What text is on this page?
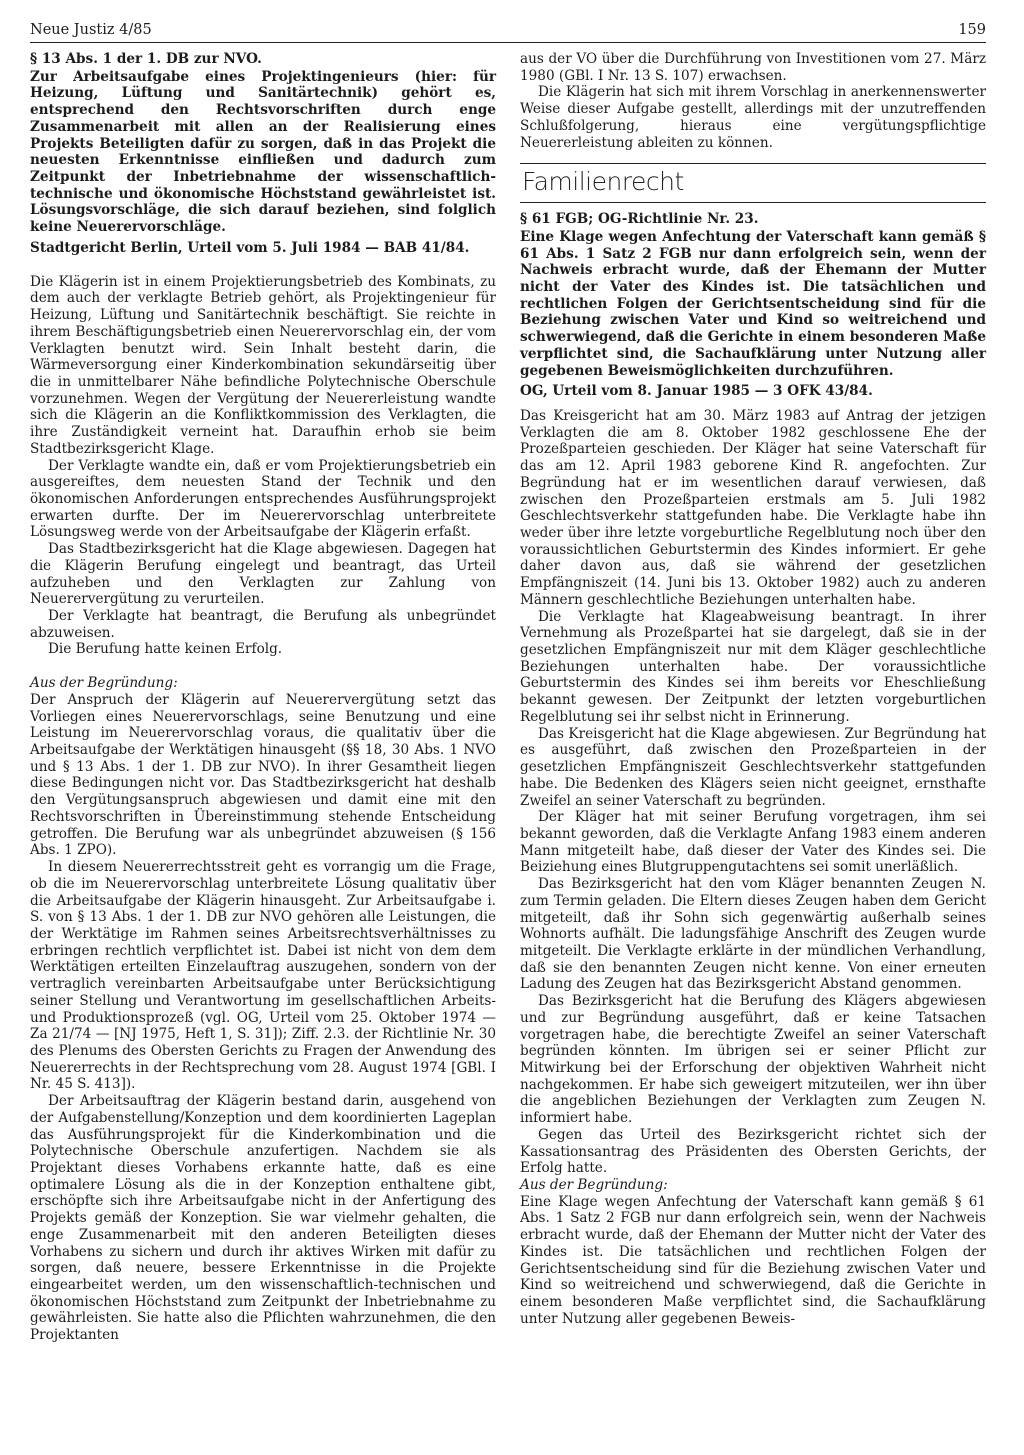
Neue Justiz 4/85	159

§ 13 Abs. 1 der 1. DB zur NVO.

Zur Arbeitsaufgabe eines Projektingenieurs (hier: für Heizung, Lüftung und Sanitärtechnik) gehört es, entsprechend den Rechtsvorschriften durch enge Zusammenarbeit mit allen an der Realisierung eines Projekts Beteiligten dafür zu sorgen, daß in das Projekt die neuesten Erkenntnisse einfließen und dadurch zum Zeitpunkt der Inbetriebnahme der wissenschaftlich-technische und ökonomische Höchststand gewährleistet ist. Lösungsvorschläge, die sich darauf beziehen, sind folglich keine Neuerervorschläge.

Stadtgericht Berlin, Urteil vom 5. Juli 1984 — BAB 41/84.

Die Klägerin ist in einem Projektierungsbetrieb des Kombinats, zu dem auch der verklagte Betrieb gehört, als Projektingenieur für Heizung, Lüftung und Sanitärtechnik beschäftigt. Sie reichte in ihrem Beschäftigungsbetrieb einen Neuerervorschlag ein, der vom Verklagten benutzt wird. Sein Inhalt besteht darin, die Wärmeversorgung einer Kinderkombination sekundärseitig über die in unmittelbarer Nähe befindliche Polytechnische Oberschule vorzunehmen. Wegen der Vergütung der Neuererleistung wandte sich die Klägerin an die Konfliktkommission des Verklagten, die ihre Zuständigkeit verneint hat. Daraufhin erhob sie beim Stadtbezirksgericht Klage.

Der Verklagte wandte ein, daß er vom Projektierungsbetrieb ein ausgereiftes, dem neuesten Stand der Technik und den ökonomischen Anforderungen entsprechendes Ausführungsprojekt erwarten durfte. Der im Neuerervorschlag unterbreitete Lösungsweg werde von der Arbeitsaufgabe der Klägerin erfaßt.

Das Stadtbezirksgericht hat die Klage abgewiesen. Dagegen hat die Klägerin Berufung eingelegt und beantragt, das Urteil aufzuheben und den Verklagten zur Zahlung von Neuerervergütung zu verurteilen.

Der Verklagte hat beantragt, die Berufung als unbegründet abzuweisen.

Die Berufung hatte keinen Erfolg.

Aus der Begründung:

Der Anspruch der Klägerin auf Neuerervergütung setzt das Vorliegen eines Neuerervorschlags, seine Benutzung und eine Leistung im Neuerervorschlag voraus, die qualitativ über die Arbeitsaufgabe der Werktätigen hinausgeht (§§ 18, 30 Abs. 1 NVO und § 13 Abs. 1 der 1. DB zur NVO). In ihrer Gesamtheit liegen diese Bedingungen nicht vor. Das Stadtbezirksgericht hat deshalb den Vergütungsanspruch abgewiesen und damit eine mit den Rechtsvorschriften in Übereinstimmung stehende Entscheidung getroffen. Die Berufung war als unbegründet abzuweisen (§ 156 Abs. 1 ZPO).

In diesem Neuererrechtsstreit geht es vorrangig um die Frage, ob die im Neuerervorschlag unterbreitete Lösung qualitativ über die Arbeitsaufgabe der Klägerin hinausgeht. Zur Arbeitsaufgabe i. S. von § 13 Abs. 1 der 1. DB zur NVO gehören alle Leistungen, die der Werktätige im Rahmen seines Arbeitsrechtsverhältnisses zu erbringen rechtlich verpflichtet ist. Dabei ist nicht von dem dem Werktätigen erteilten Einzelauftrag auszugehen, sondern von der vertraglich vereinbarten Arbeitsaufgabe unter Berücksichtigung seiner Stellung und Verantwortung im gesellschaftlichen Arbeits- und Produktionsprozeß (vgl. OG, Urteil vom 25. Oktober 1974 — Za 21/74 — [NJ 1975, Heft 1, S. 31]); Ziff. 2.3. der Richtlinie Nr. 30 des Plenums des Obersten Gerichts zu Fragen der Anwendung des Neuererrechts in der Rechtsprechung vom 28. August 1974 [GBl. I Nr. 45 S. 413]).

Der Arbeitsauftrag der Klägerin bestand darin, ausgehend von der Aufgabenstellung/Konzeption und dem koordinierten Lageplan das Ausführungsprojekt für die Kinderkombination und die Polytechnische Oberschule anzufertigen. Nachdem sie als Projektant dieses Vorhabens erkannte hatte, daß es eine optimalere Lösung als die in der Konzeption enthaltene gibt, erschöpfte sich ihre Arbeitsaufgabe nicht in der Anfertigung des Projekts gemäß der Konzeption. Sie war vielmehr gehalten, die enge Zusammenarbeit mit den anderen Beteiligten dieses Vorhabens zu sichern und durch ihr aktives Wirken mit dafür zu sorgen, daß neuere, bessere Erkenntnisse in die Projekte eingearbeitet werden, um den wissenschaftlich-technischen und ökonomischen Höchststand zum Zeitpunkt der Inbetriebnahme zu gewährleisten. Sie hatte also die Pflichten wahrzunehmen, die den Projektanten

aus der VO über die Durchführung von Investitionen vom 27. März 1980 (GBl. I Nr. 13 S. 107) erwachsen.

Die Klägerin hat sich mit ihrem Vorschlag in anerkennenswerter Weise dieser Aufgabe gestellt, allerdings mit der unzutreffenden Schlußfolgerung, hieraus eine vergütungspflichtige Neuererleistung ableiten zu können.

Familienrecht

§ 61 FGB; OG-Richtlinie Nr. 23.

Eine Klage wegen Anfechtung der Vaterschaft kann gemäß § 61 Abs. 1 Satz 2 FGB nur dann erfolgreich sein, wenn der Nachweis erbracht wurde, daß der Ehemann der Mutter nicht der Vater des Kindes ist. Die tatsächlichen und rechtlichen Folgen der Gerichtsentscheidung sind für die Beziehung zwischen Vater und Kind so weitreichend und schwerwiegend, daß die Gerichte in einem besonderen Maße verpflichtet sind, die Sachaufklärung unter Nutzung aller gegebenen Beweismöglichkeiten durchzuführen.

OG, Urteil vom 8. Januar 1985 — 3 OFK 43/84.

Das Kreisgericht hat am 30. März 1983 auf Antrag der jetzigen Verklagten die am 8. Oktober 1982 geschlossene Ehe der Prozeßparteien geschieden. Der Kläger hat seine Vaterschaft für das am 12. April 1983 geborene Kind R. angefochten. Zur Begründung hat er im wesentlichen darauf verwiesen, daß zwischen den Prozeßparteien erstmals am 5. Juli 1982 Geschlechtsverkehr stattgefunden habe. Die Verklagte habe ihn weder über ihre letzte vorgeburtliche Regelblutung noch über den voraussichtlichen Geburtstermin des Kindes informiert. Er gehe daher davon aus, daß sie während der gesetzlichen Empfängniszeit (14. Juni bis 13. Oktober 1982) auch zu anderen Männern geschlechtliche Beziehungen unterhalten habe.

Die Verklagte hat Klageabweisung beantragt. In ihrer Vernehmung als Prozeßpartei hat sie dargelegt, daß sie in der gesetzlichen Empfängniszeit nur mit dem Kläger geschlechtliche Beziehungen unterhalten habe. Der voraussichtliche Geburtstermin des Kindes sei ihm bereits vor Eheschließung bekannt gewesen. Der Zeitpunkt der letzten vorgeburtlichen Regelblutung sei ihr selbst nicht in Erinnerung.

Das Kreisgericht hat die Klage abgewiesen. Zur Begründung hat es ausgeführt, daß zwischen den Prozeßparteien in der gesetzlichen Empfängniszeit Geschlechtsverkehr stattgefunden habe. Die Bedenken des Klägers seien nicht geeignet, ernsthafte Zweifel an seiner Vaterschaft zu begründen.

Der Kläger hat mit seiner Berufung vorgetragen, ihm sei bekannt geworden, daß die Verklagte Anfang 1983 einem anderen Mann mitgeteilt habe, daß dieser der Vater des Kindes sei. Die Beiziehung eines Blutgruppengutachtens sei somit unerläßlich.

Das Bezirksgericht hat den vom Kläger benannten Zeugen N. zum Termin geladen. Die Eltern dieses Zeugen haben dem Gericht mitgeteilt, daß ihr Sohn sich gegenwärtig außerhalb seines Wohnorts aufhält. Die ladungsfähige Anschrift des Zeugen wurde mitgeteilt. Die Verklagte erklärte in der mündlichen Verhandlung, daß sie den benannten Zeugen nicht kenne. Von einer erneuten Ladung des Zeugen hat das Bezirksgericht Abstand genommen.

Das Bezirksgericht hat die Berufung des Klägers abgewiesen und zur Begründung ausgeführt, daß er keine Tatsachen vorgetragen habe, die berechtigte Zweifel an seiner Vaterschaft begründen könnten. Im übrigen sei er seiner Pflicht zur Mitwirkung bei der Erforschung der objektiven Wahrheit nicht nachgekommen. Er habe sich geweigert mitzuteilen, wer ihn über die angeblichen Beziehungen der Verklagten zum Zeugen N. informiert habe.

Gegen das Urteil des Bezirksgericht richtet sich der Kassationsantrag des Präsidenten des Obersten Gerichts, der Erfolg hatte.

Aus der Begründung:

Eine Klage wegen Anfechtung der Vaterschaft kann gemäß § 61 Abs. 1 Satz 2 FGB nur dann erfolgreich sein, wenn der Nachweis erbracht wurde, daß der Ehemann der Mutter nicht der Vater des Kindes ist. Die tatsächlichen und rechtlichen Folgen der Gerichtsentscheidung sind für die Beziehung zwischen Vater und Kind so weitreichend und schwerwiegend, daß die Gerichte in einem besonderen Maße verpflichtet sind, die Sachaufklärung unter Nutzung aller gegebenen Beweis-
